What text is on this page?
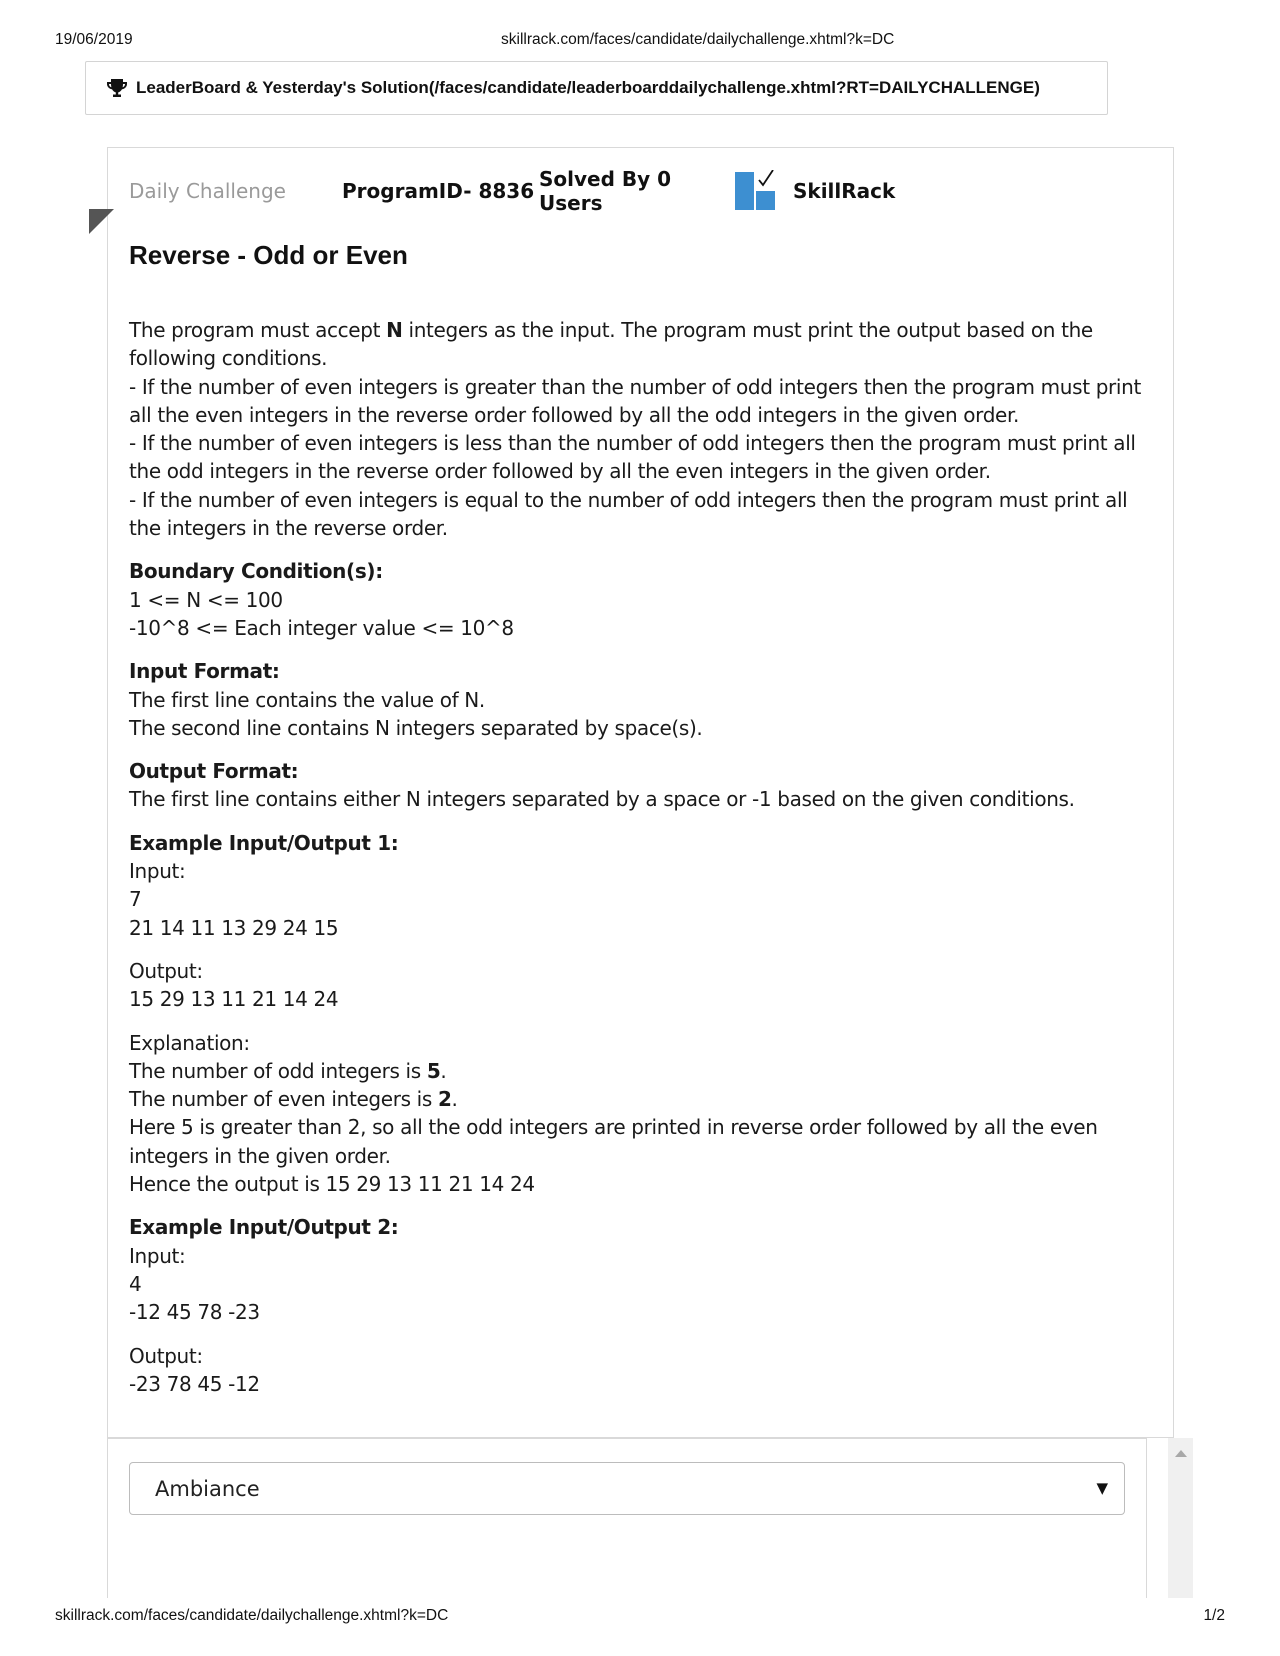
19/06/2019	skillrack.com/faces/candidate/dailychallenge.xhtml?k=DC
LeaderBoard & Yesterday's Solution(/faces/candidate/leaderboarddailychallenge.xhtml?RT=DAILYCHALLENGE)
Daily Challenge	ProgramID- 8836 Solved By 0 Users	SkillRack
Reverse - Odd or Even

The program must accept N integers as the input. The program must print the output based on the following conditions.

- If the number of even integers is greater than the number of odd integers then the program must print all the even integers in the reverse order followed by all the odd integers in the given order.

- If the number of even integers is less than the number of odd integers then the program must print all the odd integers in the reverse order followed by all the even integers in the given order.

- If the number of even integers is equal to the number of odd integers then the program must print all the integers in the reverse order.

Boundary Condition(s):

1 <= N <= 100

-10^8 <= Each integer value <= 10^8

Input Format:

The first line contains the value of N.

The second line contains N integers separated by space(s).

Output Format:

The first line contains either N integers separated by a space or -1 based on the given conditions.

Example Input/Output 1:

Input:

7

21 14 11 13 29 24 15

Output:

15 29 13 11 21 14 24

Explanation:

The number of odd integers is 5.

The number of even integers is 2.

Here 5 is greater than 2, so all the odd integers are printed in reverse order followed by all the even integers in the given order.

Hence the output is 15 29 13 11 21 14 24

Example Input/Output 2:

Input:

4

-12 45 78 -23

Output:

-23 78 45 -12

Ambiance	▼
skillrack.com/faces/candidate/dailychallenge.xhtml?k=DC	1/2
